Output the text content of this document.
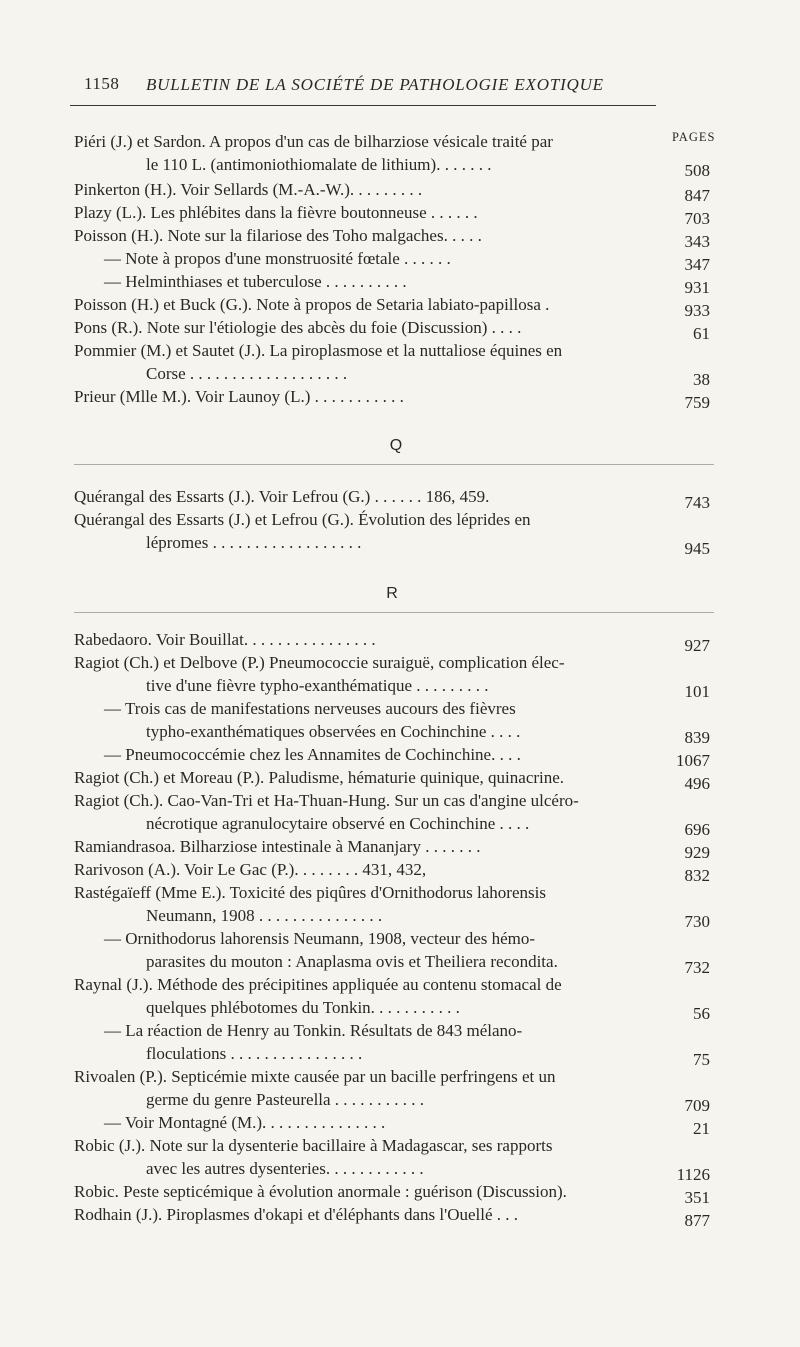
1158 BULLETIN DE LA SOCIÉTÉ DE PATHOLOGIE EXOTIQUE
PAGES
Q
R
Piéri (J.) et Sardon. A propos d'un cas de bilharziose vésicale traité par
le 110 L. (antimoniothiomalate de lithium). . . . . . .	508
Pinkerton (H.). Voir Sellards (M.-A.-W.). . . . . . . . .	847
Plazy (L.). Les phlébites dans la fièvre boutonneuse . . . . . .	703
Poisson (H.). Note sur la filariose des Toho malgaches. . . . .	343
— Note à propos d'une monstruosité fœtale . . . . . .	347
— Helminthiases et tuberculose . . . . . . . . . .	931
Poisson (H.) et Buck (G.). Note à propos de Setaria labiato-papillosa .	933
Pons (R.). Note sur l'étiologie des abcès du foie (Discussion) . . . .	61
Pommier (M.) et Sautet (J.). La piroplasmose et la nuttaliose équines en
Corse . . . . . . . . . . . . . . . . . . .	38
Prieur (Mlle M.). Voir Launoy (L.) . . . . . . . . . . .	759
Quérangal des Essarts (J.). Voir Lefrou (G.) . . . . . . 186, 459.	743
Quérangal des Essarts (J.) et Lefrou (G.). Évolution des léprides en
lépromes . . . . . . . . . . . . . . . . . .	945
Rabedaoro. Voir Bouillat. . . . . . . . . . . . . . . .	927
Ragiot (Ch.) et Delbove (P.) Pneumococcie suraiguë, complication élec-
tive d'une fièvre typho-exanthématique . . . . . . . . .	101
— Trois cas de manifestations nerveuses aucours des fièvres
typho-exanthématiques observées en Cochinchine . . . .	839
— Pneumococcémie chez les Annamites de Cochinchine. . . .	1067
Ragiot (Ch.) et Moreau (P.). Paludisme, hématurie quinique, quinacrine.	496
Ragiot (Ch.). Cao-Van-Tri et Ha-Thuan-Hung. Sur un cas d'angine ulcéro-
nécrotique agranulocytaire observé en Cochinchine . . . .	696
Ramiandrasoa. Bilharziose intestinale à Mananjary . . . . . . .	929
Rarivoson (A.). Voir Le Gac (P.). . . . . . . . 431, 432,	832
Rastégaïeff (Mme E.). Toxicité des piqûres d'Ornithodorus lahorensis
Neumann, 1908 . . . . . . . . . . . . . . .	730
— Ornithodorus lahorensis Neumann, 1908, vecteur des hémo-
parasites du mouton : Anaplasma ovis et Theiliera recondita.	732
Raynal (J.). Méthode des précipitines appliquée au contenu stomacal de
quelques phlébotomes du Tonkin. . . . . . . . . . .	56
— La réaction de Henry au Tonkin. Résultats de 843 mélano-
floculations . . . . . . . . . . . . . . . .	75
Rivoalen (P.). Septicémie mixte causée par un bacille perfringens et un
germe du genre Pasteurella . . . . . . . . . . .	709
— Voir Montagné (M.). . . . . . . . . . . . . . .	21
Robic (J.). Note sur la dysenterie bacillaire à Madagascar, ses rapports
avec les autres dysenteries. . . . . . . . . . . .	1126
Robic. Peste septicémique à évolution anormale : guérison (Discussion).	351
Rodhain (J.). Piroplasmes d'okapi et d'éléphants dans l'Ouellé . . .	877
